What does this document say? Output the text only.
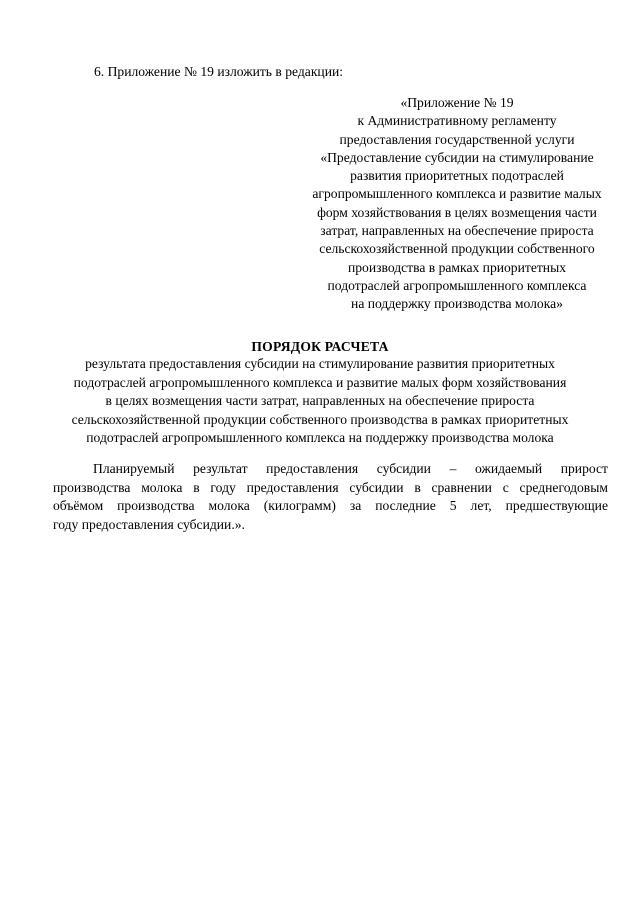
6. Приложение № 19 изложить в редакции:
«Приложение № 19
к Административному регламенту
предоставления государственной услуги
«Предоставление субсидии на стимулирование
развития приоритетных подотраслей
агропромышленного комплекса и развитие малых
форм хозяйствования в целях возмещения части
затрат, направленных на обеспечение прироста
сельскохозяйственной продукции собственного
производства в рамках приоритетных
подотраслей агропромышленного комплекса
на поддержку производства молока»
ПОРЯДОК РАСЧЕТА
результата предоставления субсидии на стимулирование развития приоритетных
подотраслей агропромышленного комплекса и развитие малых форм хозяйствования
в целях возмещения части затрат, направленных на обеспечение прироста
сельскохозяйственной продукции собственного производства в рамках приоритетных
подотраслей агропромышленного комплекса на поддержку производства молока
Планируемый результат предоставления субсидии – ожидаемый прирост
производства молока в году предоставления субсидии в сравнении с среднегодовым
объёмом производства молока (килограмм) за последние 5 лет, предшествующие
году предоставления субсидии.».
